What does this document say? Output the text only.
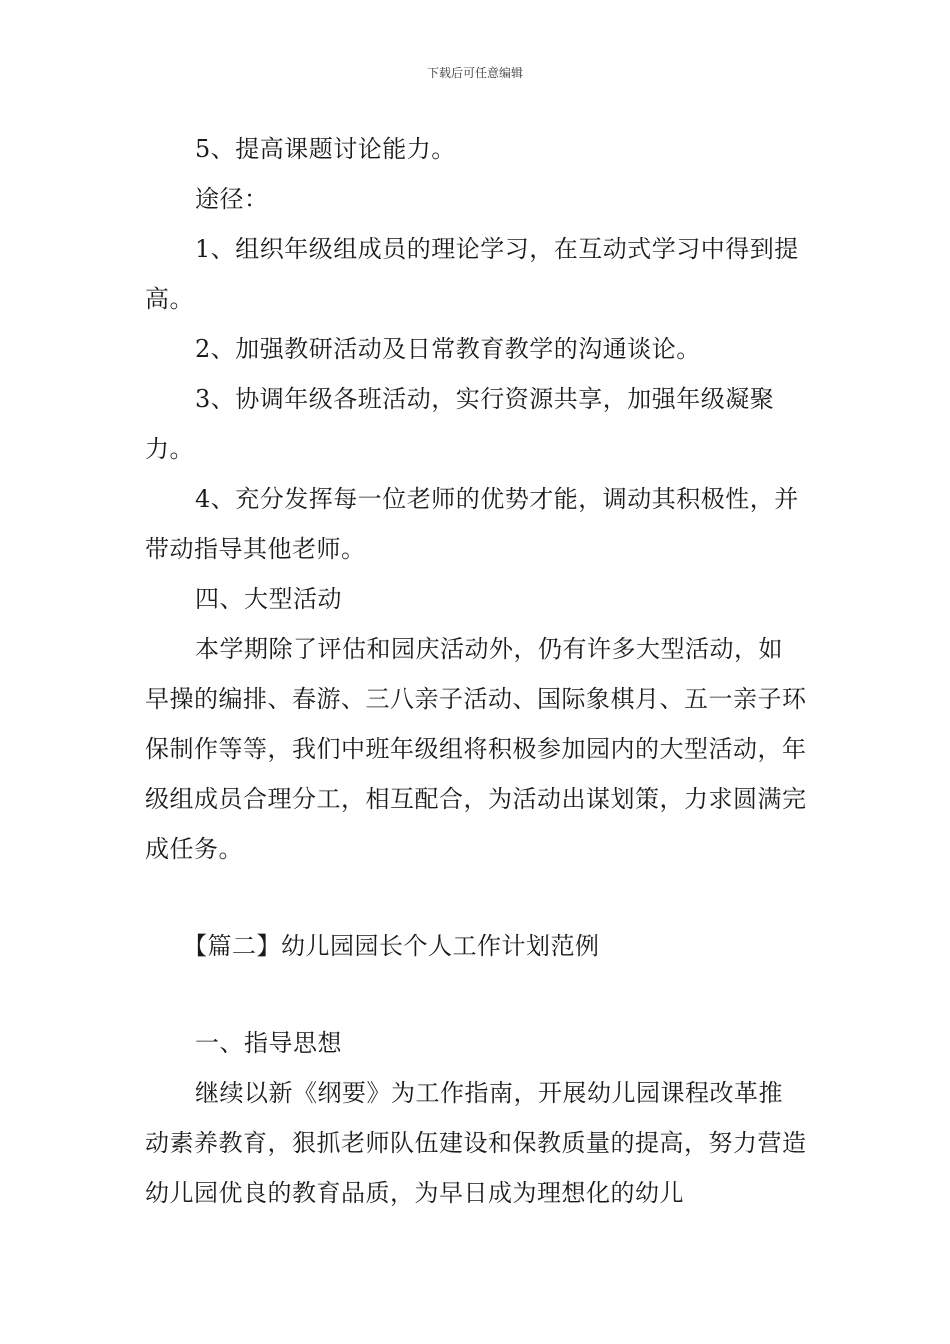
下载后可任意编辑

5、提高课题讨论能力。

途径：

1、组织年级组成员的理论学习，在互动式学习中得到提高。

2、加强教研活动及日常教育教学的沟通谈论。

3、协调年级各班活动，实行资源共享，加强年级凝聚力。

4、充分发挥每一位老师的优势才能，调动其积极性，并带动指导其他老师。

四、大型活动

本学期除了评估和园庆活动外，仍有许多大型活动，如早操的编排、春游、三八亲子活动、国际象棋月、五一亲子环保制作等等，我们中班年级组将积极参加园内的大型活动，年级组成员合理分工，相互配合，为活动出谋划策，力求圆满完成任务。

【篇二】幼儿园园长个人工作计划范例

一、指导思想

继续以新《纲要》为工作指南，开展幼儿园课程改革推动素养教育，狠抓老师队伍建设和保教质量的提高，努力营造幼儿园优良的教育品质，为早日成为理想化的幼儿
